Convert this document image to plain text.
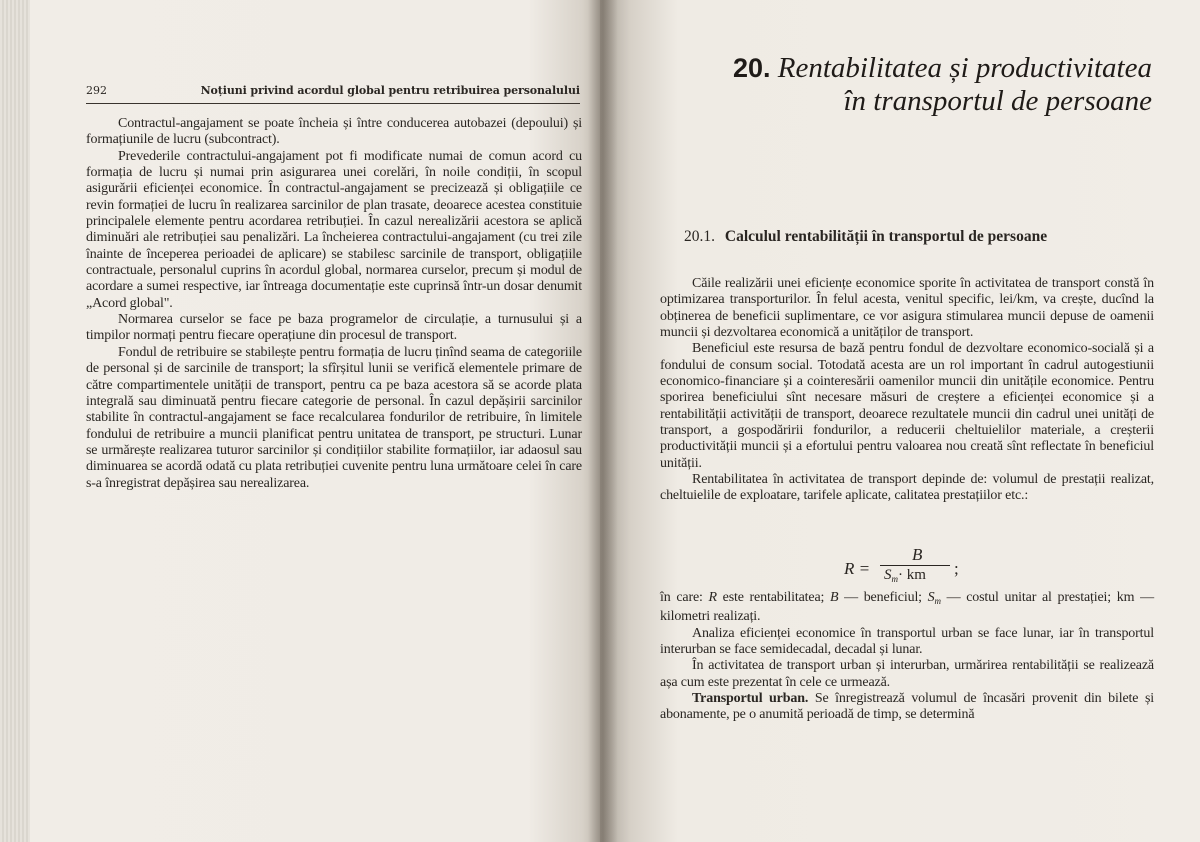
292	Noțiuni privind acordul global pentru retribuirea personalului

Contractul-angajament se poate încheia și între conducerea autobazei (depoului) și formațiunile de lucru (subcontract).

Prevederile contractului-angajament pot fi modificate numai de comun acord cu formația de lucru și numai prin asigurarea unei corelări, în noile condiții, în scopul asigurării eficienței economice. În contractul-angajament se precizează și obligațiile ce revin formației de lucru în realizarea sarcinilor de plan trasate, deoarece acestea constituie principalele elemente pentru acordarea retribuției. În cazul nerealizării acestora se aplică diminuări ale retribuției sau penalizări. La încheierea contractului-angajament (cu trei zile înainte de începerea perioadei de aplicare) se stabilesc sarcinile de transport, obligațiile contractuale, personalul cuprins în acordul global, normarea curselor, precum și modul de acordare a sumei respective, iar întreaga documentație este cuprinsă într-un dosar denumit „Acord global".

Normarea curselor se face pe baza programelor de circulație, a turnusului și a timpilor normați pentru fiecare operațiune din procesul de transport.

Fondul de retribuire se stabilește pentru formația de lucru ținînd seama de categoriile de personal și de sarcinile de transport; la sfîrșitul lunii se verifică elementele primare de către compartimentele unității de transport, pentru ca pe baza acestora să se acorde plata integrală sau diminuată pentru fiecare categorie de personal. În cazul depășirii sarcinilor stabilite în contractul-angajament se face recalcularea fondurilor de retribuire, în limitele fondului de retribuire a muncii planificat pentru unitatea de transport, pe structuri. Lunar se urmărește realizarea tuturor sarcinilor și condițiilor stabilite formațiilor, iar adaosul sau diminuarea se acordă odată cu plata retribuției cuvenite pentru luna următoare celei în care s-a înregistrat depășirea sau nerealizarea.

20. Rentabilitatea și productivitatea
în transportul de persoane
20.1. Calculul rentabilității în transportul de persoane

Căile realizării unei eficiențe economice sporite în activitatea de transport constă în optimizarea transporturilor. În felul acesta, venitul specific, lei/km, va crește, ducînd la obținerea de beneficii suplimentare, ce vor asigura stimularea muncii depuse de oamenii muncii și dezvoltarea economică a unităților de transport.

Beneficiul este resursa de bază pentru fondul de dezvoltare economico-socială și a fondului de consum social. Totodată acesta are un rol important în cadrul autogestiunii economico-financiare și a cointeresării oamenilor muncii din unitățile economice. Pentru sporirea beneficiului sînt necesare măsuri de creștere a eficienței economice și a rentabilității activității de transport, deoarece rezultatele muncii din cadrul unei unități de transport, a gospodăririi fondurilor, a reducerii cheltuielilor materiale, a creșterii productivității muncii și a efortului pentru valoarea nou creată sînt reflectate în beneficiul unității.

Rentabilitatea în activitatea de transport depinde de: volumul de prestații realizat, cheltuielile de exploatare, tarifele aplicate, calitatea prestațiilor etc.:

R =
B
$S_m\cdot$ km ;

în care: R este rentabilitatea; B — beneficiul; $S_m$ — costul unitar al prestației; km — kilometri realizați.

Analiza eficienței economice în transportul urban se face lunar, iar în transportul interurban se face semidecadal, decadal și lunar.

În activitatea de transport urban și interurban, urmărirea rentabilității se realizează așa cum este prezentat în cele ce urmează.

Transportul urban. Se înregistrează volumul de încasări provenit din bilete și abonamente, pe o anumită perioadă de timp, se determină
